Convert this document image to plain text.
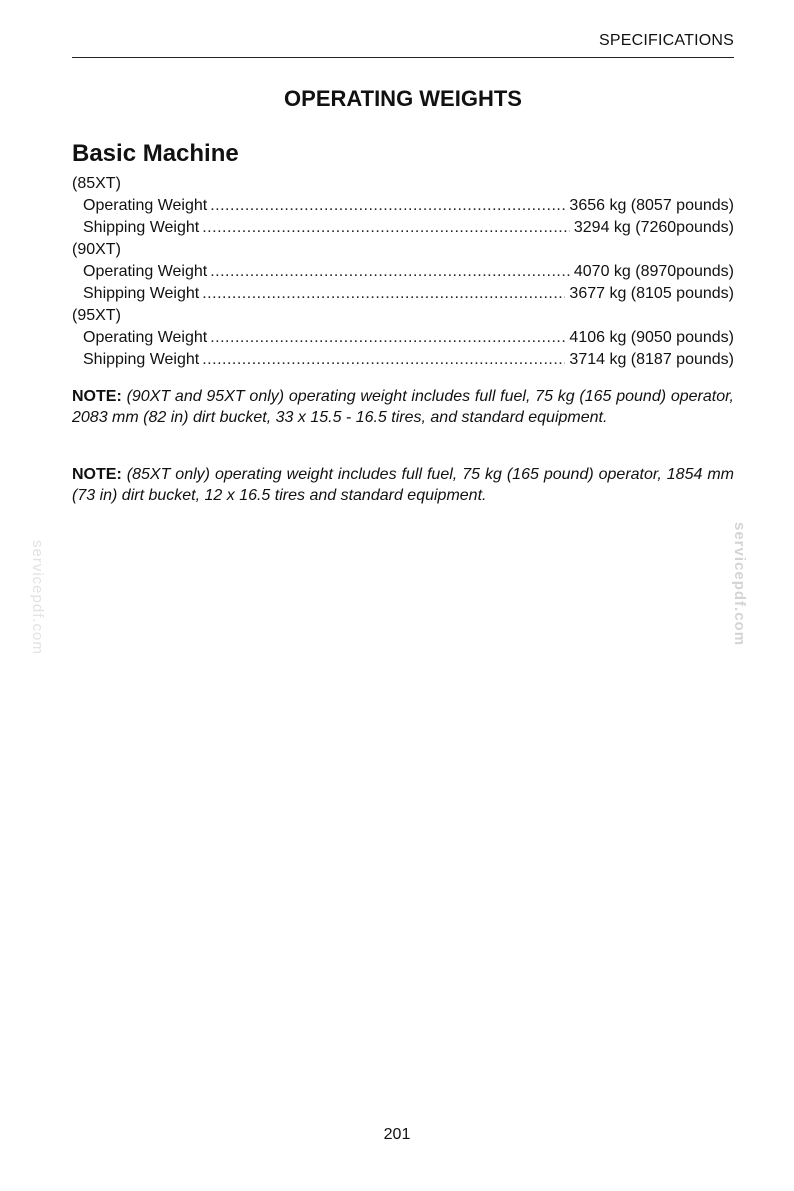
SPECIFICATIONS
OPERATING WEIGHTS
Basic Machine
(85XT)
Operating Weight .....	3656 kg (8057 pounds)
Shipping Weight .....	3294 kg (7260pounds)
(90XT)
Operating Weight .....	4070 kg (8970pounds)
Shipping Weight .....	3677 kg (8105 pounds)
(95XT)
Operating Weight .....	4106 kg (9050 pounds)
Shipping Weight .....	3714 kg (8187 pounds)
NOTE: (90XT and 95XT only) operating weight includes full fuel, 75 kg (165 pound) operator, 2083 mm (82 in) dirt bucket, 33 x 15.5 - 16.5 tires, and standard equipment.
NOTE: (85XT only) operating weight includes full fuel, 75 kg (165 pound) operator, 1854 mm (73 in) dirt bucket, 12 x 16.5 tires and standard equipment.
servicepdf.com	servicepdf.com
201
